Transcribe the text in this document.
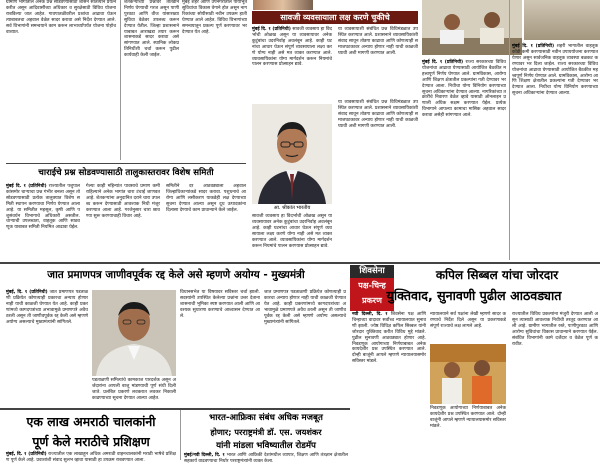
ग्रामीण भागातील अनेक प्रश्न सोडवण्यासाठी शासन सातत्याने प्रयत्न करीत असून आदिवासींच्या अधिकार व सुरक्षेसाठी विविध योजना राबविल्या जात आहेत. गावपातळीवरील प्रश्नांचा आढावा घेऊन त्याबाबतचा अहवाल वेळेत सादर करावा असे निर्देश देण्यात आले. सर्व विभागांनी समन्वयाने काम करून लाभार्थ्यांपर्यंत योजना पोहोचवाव्यात.
शेतकऱ्यांच्या प्रश्नांवर तातडीने निर्णय घेण्याची गरज असून पाणी पुरवठा आणि वीज यांसारख्या सुविधा वेळेवर उपलब्ध करून देण्यात येतील. जिल्हा प्रशासनाने याबाबत आराखडा तयार करून शासनाकडे सादर करावा असे सांगण्यात आले. स्थानिक लोकप्रतिनिधींशी चर्चा करून पुढील कार्यवाही केली जाईल.
मुंबई शहर आणि उपनगरातील पायाभूत सुविधांचा विकास वेगाने होत असून नागरिकांच्या सोयीसाठी नवीन उपक्रम हाती घेण्यात आले आहेत. विविध विभागांच्या समन्वयातून प्रकल्प पूर्ण करण्यावर भर देण्यात येत आहे.
सावजी व्यवसायाला लक्ष करणे चुकीचे
मुंबई दि. १ (प्रतिनिधी) सावजी व्यवसाय हा विदर्भाची ओळख असून या व्यवसायावर अनेक कुटुंबांचा उदरनिर्वाह अवलंबून आहे. काही घटनांचा आधार घेऊन संपूर्ण व्यवसायाला लक्ष्य करणे योग्य नाही असे मत व्यक्त करण्यात आले. व्यावसायिकांना योग्य मार्गदर्शन करून नियमांचे पालन करण्यास प्रोत्साहन द्यावे.
या व्यवसायाशी संबंधित प्रश्न विधिमंडळात उपस्थित करण्यात आले. प्रशासनाने व्यावसायिकांशी संवाद साधून तोडगा काढावा आणि कोणत्याही समाजघटकावर अन्याय होणार नाही याची काळजी घ्यावी अशी मागणी करण्यात आली.
आ. श्रीकांत भारतीय
या व्यवसायाशी संबंधित प्रश्न विधिमंडळात उपस्थित करण्यात आले. प्रशासनाने व्यावसायिकांशी संवाद साधून तोडगा काढावा आणि कोणत्याही समाजघटकावर अन्याय होणार नाही याची काळजी घ्यावी अशी मागणी करण्यात आली.
सावजी व्यवसाय हा विदर्भाची ओळख असून या व्यवसायावर अनेक कुटुंबांचा उदरनिर्वाह अवलंबून आहे. काही घटनांचा आधार घेऊन संपूर्ण व्यवसायाला लक्ष्य करणे योग्य नाही असे मत व्यक्त करण्यात आले. व्यावसायिकांना योग्य मार्गदर्शन करून नियमांचे पालन करण्यास प्रोत्साहन द्यावे.
चाराईचे प्रश्न सोडवण्यासाठी तालुकास्तरावर विशेष समिती
मुंबई दि. १ (प्रतिनिधी) राज्यातील पशुपालकांसमोर चाऱ्याचा प्रश्न गंभीर बनला असून तो सोडवण्यासाठी प्रत्येक तालुक्यात विशेष समिती स्थापन करण्याचा निर्णय घेण्यात आला आहे. या समितीत महसूल, कृषी आणि पशुसंवर्धन विभागाचे अधिकारी असतील. चाऱ्याची उपलब्धता, वाहतूक आणि साठवणूक याबाबत समिती नियमित आढावा घेईल.
गेल्या काही महिन्यांत पावसाचे प्रमाण कमी राहिल्याने अनेक भागांत चारा टंचाई जाणवत आहे. शेतकऱ्यांना अनुदानित दराने चारा उपलब्ध करून देण्यासाठी आवश्यक निधी मंजूर करण्यात आला आहे. गरजेनुसार चारा छावण्या सुरू करण्याचाही विचार आहे.
समितीने दर आठवड्याला अहवाल जिल्हाधिकाऱ्यांकडे सादर करावा. पशुधनाचे आरोग्य आणि लसीकरण याकडेही लक्ष देण्याच्या सूचना देण्यात आल्या असून दूध उत्पादकांना दिलासा देण्याचे काम प्राधान्याने केले जाईल.
मुंबई दि. १ (प्रतिनिधी) राज्य सरकारच्या विविध योजनांचा आढावा घेण्यासाठी आयोजित बैठकीत महत्त्वपूर्ण निर्णय घेण्यात आले. ग्रामविकास, आरोग्य आणि शिक्षण क्षेत्रातील प्रकल्पांना गती देण्यावर भर देण्यात आला. निधीचा योग्य विनियोग करण्याच्या सूचना अधिकाऱ्यांना देण्यात आल्या. नागरिकांच्या तक्रारींचे निवारण वेळेत व्हावे यासाठी ऑनलाइन प्रणाली अधिक सक्षम करण्यात येईल. प्रत्येक विभागाने आपल्या कामाचा मासिक अहवाल सादर करावा असेही सांगण्यात आले.
मुंबई दि. १ (प्रतिनिधी) शहरी भागातील वाहतूक कोंडी कमी करण्यासाठी नवीन उपाययोजना करण्यात येणार असून सार्वजनिक वाहतूक व्यवस्था बळकट करण्यावर भर दिला जाईल. राज्य सरकारच्या विविध योजनांचा आढावा घेण्यासाठी आयोजित बैठकीत महत्त्वपूर्ण निर्णय घेण्यात आले. ग्रामविकास, आरोग्य आणि शिक्षण क्षेत्रातील प्रकल्पांना गती देण्यावर भर देण्यात आला. निधीचा योग्य विनियोग करण्याच्या सूचना अधिकाऱ्यांना देण्यात आल्या.
जात प्रमाणपत्र जाणीवपूर्वक रद्द केले असे म्हणणे अयोग्य - मुख्यमंत्री
मुंबई, दि. १ (प्रतिनिधी) जात प्रमाणपत्र पडताळणी प्रक्रियेत कोणत्याही प्रकारचा अन्याय होणार नाही याची काळजी घेण्यात येत आहे. काही प्रकरणांमध्ये कागदपत्रांच्या अभावामुळे प्रमाणपत्रे अवैध ठरली असून ती जाणीवपूर्वक रद्द केली असे म्हणणे अयोग्य असल्याचे मुख्यमंत्र्यांनी सांगितले.
पडताळणी समित्यांचे कामकाज पारदर्शक असून अर्जदारांना आपली बाजू मांडण्याची पूर्ण संधी दिली जाते. प्रलंबित प्रकरणे लवकरात लवकर निकाली काढण्याच्या सूचना देण्यात आल्या आहेत.
विधानसभेत या विषयावर सविस्तर चर्चा झाली. सदस्यांनी उपस्थित केलेल्या प्रश्नांना उत्तर देताना शासनाची भूमिका स्पष्ट करण्यात आली आणि आवश्यक सुधारणा करण्याचे आश्वासन देण्यात आले.
जात प्रमाणपत्र पडताळणी प्रक्रियेत कोणत्याही प्रकारचा अन्याय होणार नाही याची काळजी घेण्यात येत आहे. काही प्रकरणांमध्ये कागदपत्रांच्या अभावामुळे प्रमाणपत्रे अवैध ठरली असून ती जाणीवपूर्वक रद्द केली असे म्हणणे अयोग्य असल्याचे मुख्यमंत्र्यांनी सांगितले.
शिवसेना
पक्ष-चिन्ह
प्रकरण
कपिल सिब्बल यांचा जोरदार
युक्तिवाद, सुनावणी पुढील आठवड्यात
नवी दिल्ली, दि. १ शिवसेना पक्ष आणि चिन्हाच्या वादावर सर्वोच्च न्यायालयात सुनावणी झाली. ज्येष्ठ विधिज्ञ कपिल सिब्बल यांनी जोरदार युक्तिवाद करीत विविध मुद्दे मांडले. पुढील सुनावणी आठवड्यात होणार आहे. निवडणूक आयोगाच्या निर्णयाबाबत अनेक कायदेशीर प्रश्न उपस्थित करण्यात आले. दोन्ही बाजूंनी आपले म्हणणे न्यायालयासमोर सविस्तर मांडले.
न्यायालयाने सर्व पक्षांना लेखी म्हणणे सादर करण्याचे निर्देश दिले असून या प्रकरणाकडे संपूर्ण राज्याचे लक्ष लागले आहे.
निवडणूक आयोगाच्या निर्णयाबाबत अनेक कायदेशीर प्रश्न उपस्थित करण्यात आले. दोन्ही बाजूंनी आपले म्हणणे न्यायालयासमोर सविस्तर मांडले.
राज्यातील विविध प्रकल्पांना मंजुरी देण्यात आली असून त्यासाठी आवश्यक निधीची तरतूद करण्यात आली आहे. ग्रामीण भागातील रस्ते, पाणीपुरवठा आणि आरोग्य सुविधांचा विकास प्राधान्याने करण्यात येईल. संबंधित विभागांनी कामे दर्जेदार व वेळेत पूर्ण करावीत.
एक लाख अमराठी चालकांनी
पूर्ण केले मराठीचे प्रशिक्षण
मुंबई, दि. १ (प्रतिनिधी) राज्यातील एक लाखाहून अधिक अमराठी वाहनचालकांनी मराठी भाषेचे प्रशिक्षण पूर्ण केले आहे. प्रवाशांशी संवाद सुलभ व्हावा यासाठी हा उपक्रम राबवण्यात आला.
भारत-आफ्रिका संबंध अधिक मजबूत
होणार; परराष्ट्रमंत्री डॉ. एस. जयशंकर
यांनी मांडला भविष्यातील रोडमॅप
मुंबई/नवी दिल्ली, दि. १ भारत आणि आफ्रिकी देशांमधील व्यापार, शिक्षण आणि तंत्रज्ञान क्षेत्रातील सहकार्य वाढवण्याचा निर्धार परराष्ट्रमंत्र्यांनी व्यक्त केला.
